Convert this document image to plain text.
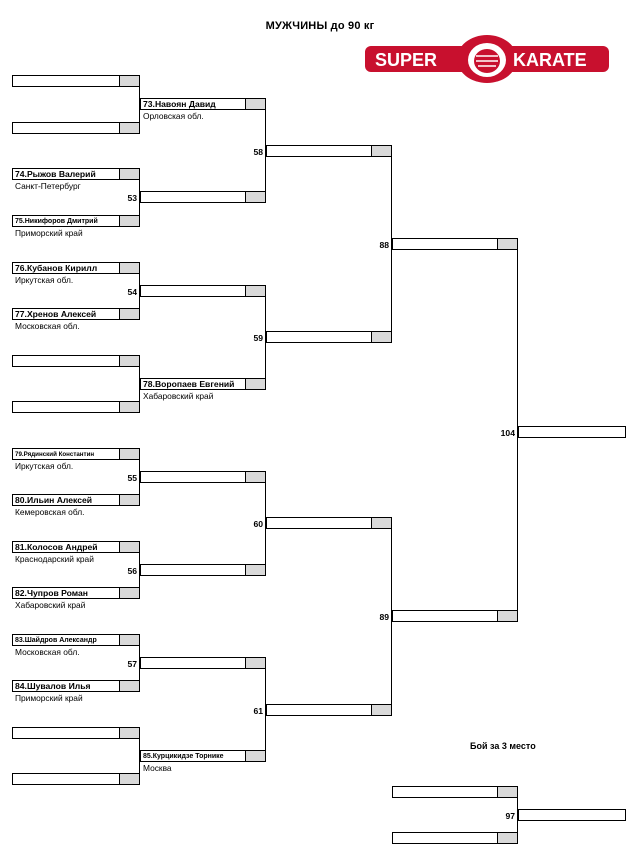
МУЖЧИНЫ до 90 кг
SUPER	KARATE
74.Рыжов Валерий
Санкт-Петербург
75.Никифоров Дмитрий
Приморский край
76.Кубанов Кирилл
Иркутская обл.
77.Хренов Алексей
Московская обл.
79.Рядинский Константин
Иркутская обл.
80.Ильин Алексей
Кемеровская обл.
81.Колосов Андрей
Краснодарский край
82.Чупров Роман
Хабаровский край
83.Шайдров Александр
Московская обл.
84.Шувалов Илья
Приморский край
73.Навоян Давид
Орловская обл.
78.Воропаев Евгений
Хабаровский край
85.Курцикидзе Торнике
Москва
Бой за 3 место
53
54
55
56
57
58
59
60
61
88
89
104
97
